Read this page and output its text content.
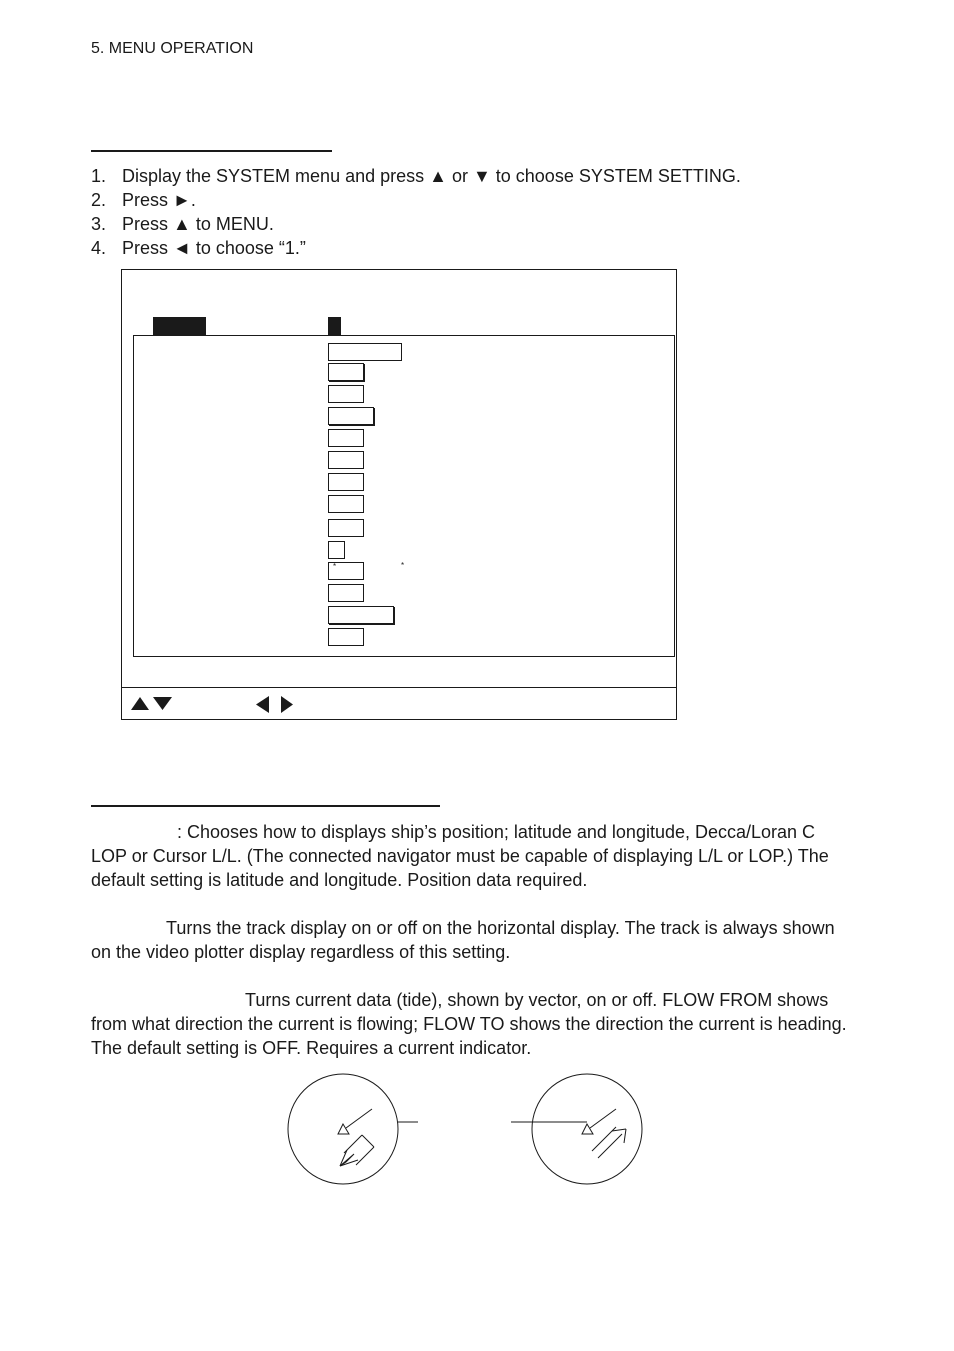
5. MENU OPERATION
1. Display the SYSTEM menu and press ▲ or ▼ to choose SYSTEM SETTING.
2. Press ►.
3. Press ▲ to MENU.
4. Press ◄ to choose “1.”
*	*

: Chooses how to displays ship’s position; latitude and longitude, Decca/Loran C LOP or Cursor L/L. (The connected navigator must be capable of displaying L/L or LOP.) The default setting is latitude and longitude. Position data required.

Turns the track display on or off on the horizontal display. The track is always shown on the video plotter display regardless of this setting.

Turns current data (tide), shown by vector, on or off. FLOW FROM shows from what direction the current is flowing; FLOW TO shows the direction the current is heading. The default setting is OFF. Requires a current indicator.
